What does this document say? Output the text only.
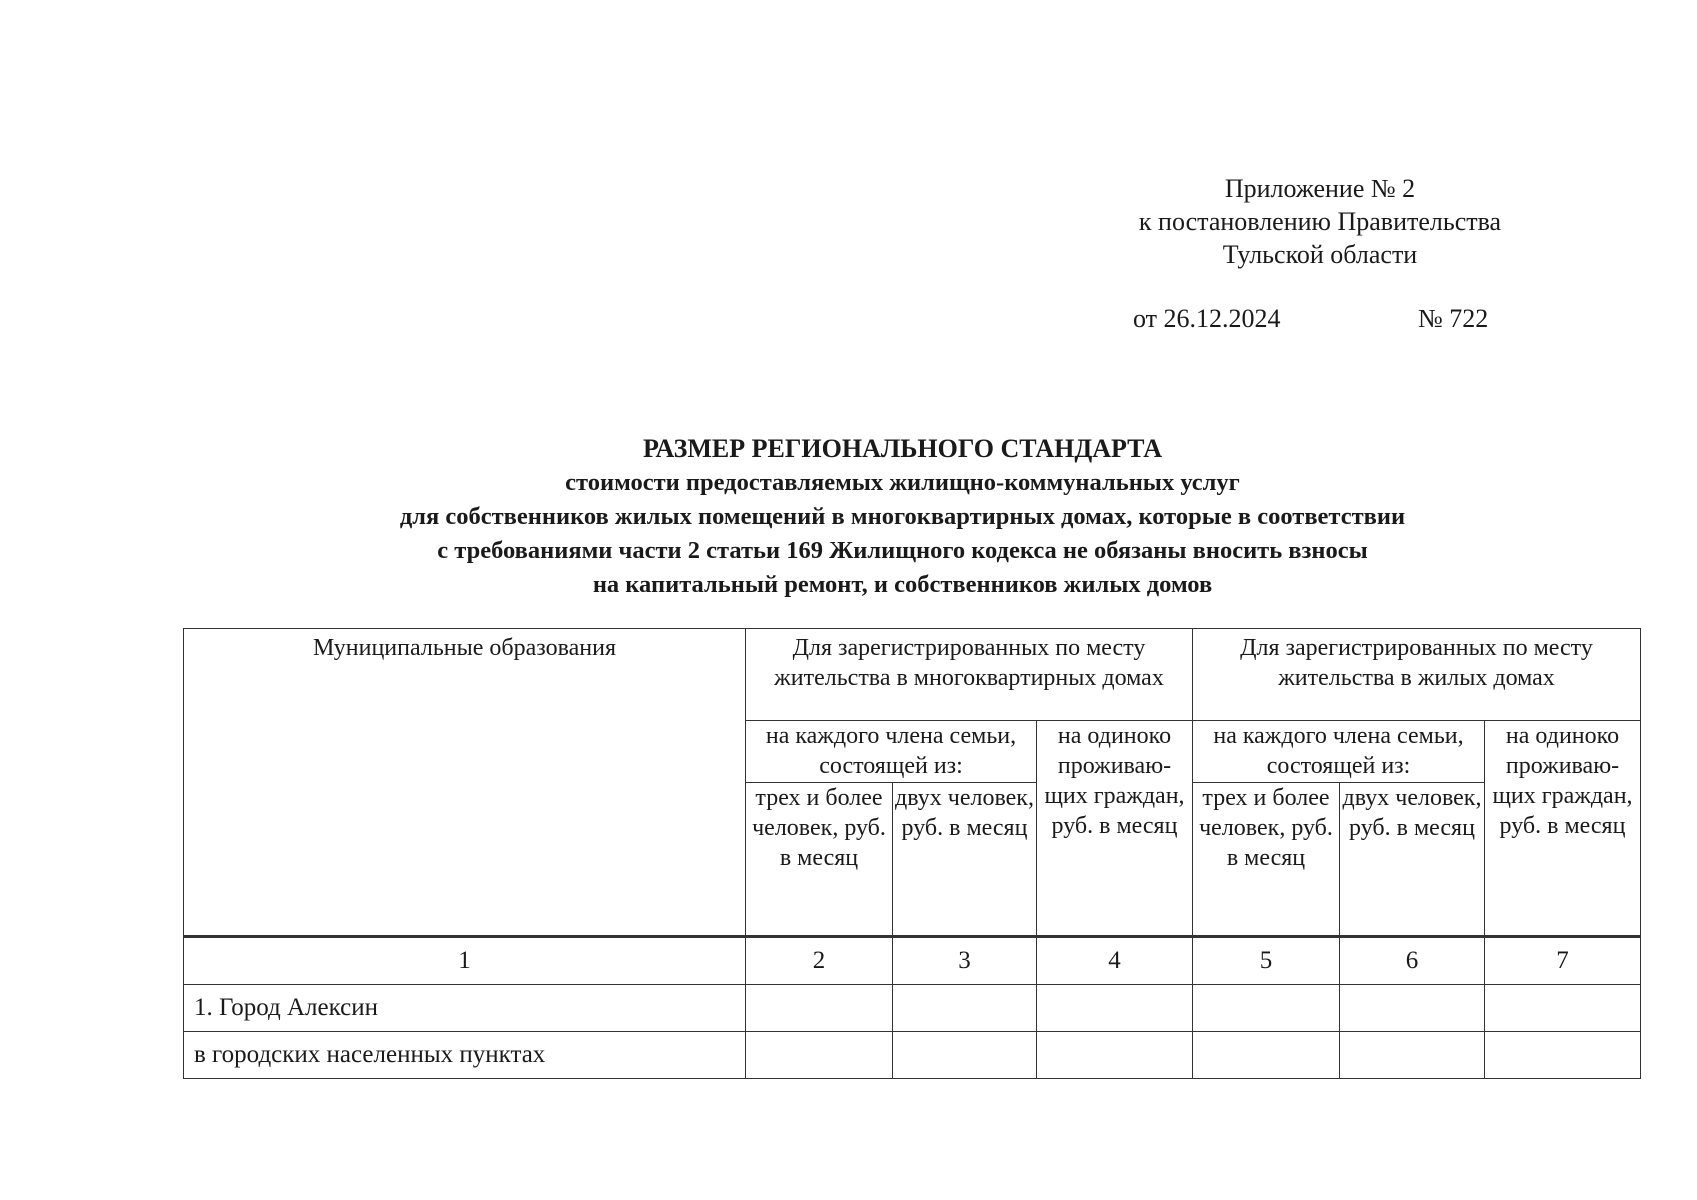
Приложение № 2
к постановлению Правительства
Тульской области
от 26.12.2024	№ 722
РАЗМЕР РЕГИОНАЛЬНОГО СТАНДАРТА
стоимости предоставляемых жилищно-коммунальных услуг
для собственников жилых помещений в многоквартирных домах, которые в соответствии
с требованиями части 2 статьи 169 Жилищного кодекса не обязаны вносить взносы
на капитальный ремонт, и собственников жилых домов
Муниципальные образования	Для зарегистрированных по месту жительства в многоквартирных домах			Для зарегистрированных по месту жительства в жилых домах		
	на каждого члена семьи, состоящей из:		на одиноко проживаю-щих граждан, руб. в месяц	на каждого члена семьи, состоящей из:		на одиноко проживаю-щих граждан, руб. в месяц
	трех и более человек, руб. в месяц	двух человек, руб. в месяц		трех и более человек, руб. в месяц	двух человек, руб. в месяц	
1	2	3	4	5	6	7
1. Город Алексин						
в городских населенных пунктах						
